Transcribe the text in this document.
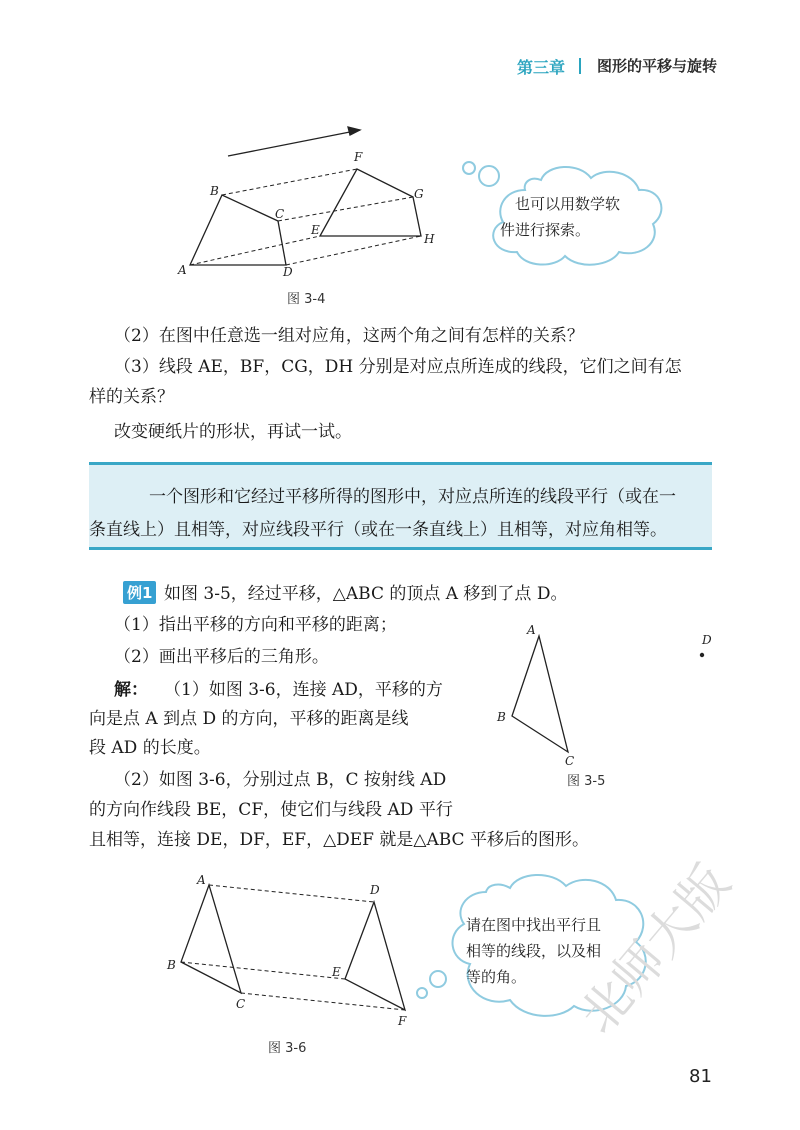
第三章 图形的平移与旋转
A
B
C
D
E
F
G
H
图 3-4
也可以用数学软
件进行探索。
（2）在图中任意选一组对应角，这两个角之间有怎样的关系？
（3）线段 AE，BF，CG，DH 分别是对应点所连成的线段，它们之间有怎
样的关系？
改变硬纸片的形状，再试一试。
一个图形和它经过平移所得的图形中，对应点所连的线段平行（或在一
条直线上）且相等，对应线段平行（或在一条直线上）且相等，对应角相等。
例1 如图 3-5，经过平移，△ABC 的顶点 A 移到了点 D。
（1）指出平移的方向和平移的距离；
（2）画出平移后的三角形。
解： （1）如图 3-6，连接 AD，平移的方
向是点 A 到点 D 的方向，平移的距离是线
段 AD 的长度。
（2）如图 3-6，分别过点 B，C 按射线 AD
的方向作线段 BE，CF，使它们与线段 AD 平行
且相等，连接 DE，DF，EF，△DEF 就是△ABC 平移后的图形。
A
B
C
D
图 3-5
A
B
C
D
E
F
图 3-6
请在图中找出平行且
相等的线段，以及相
等的角。
81
北师大版
